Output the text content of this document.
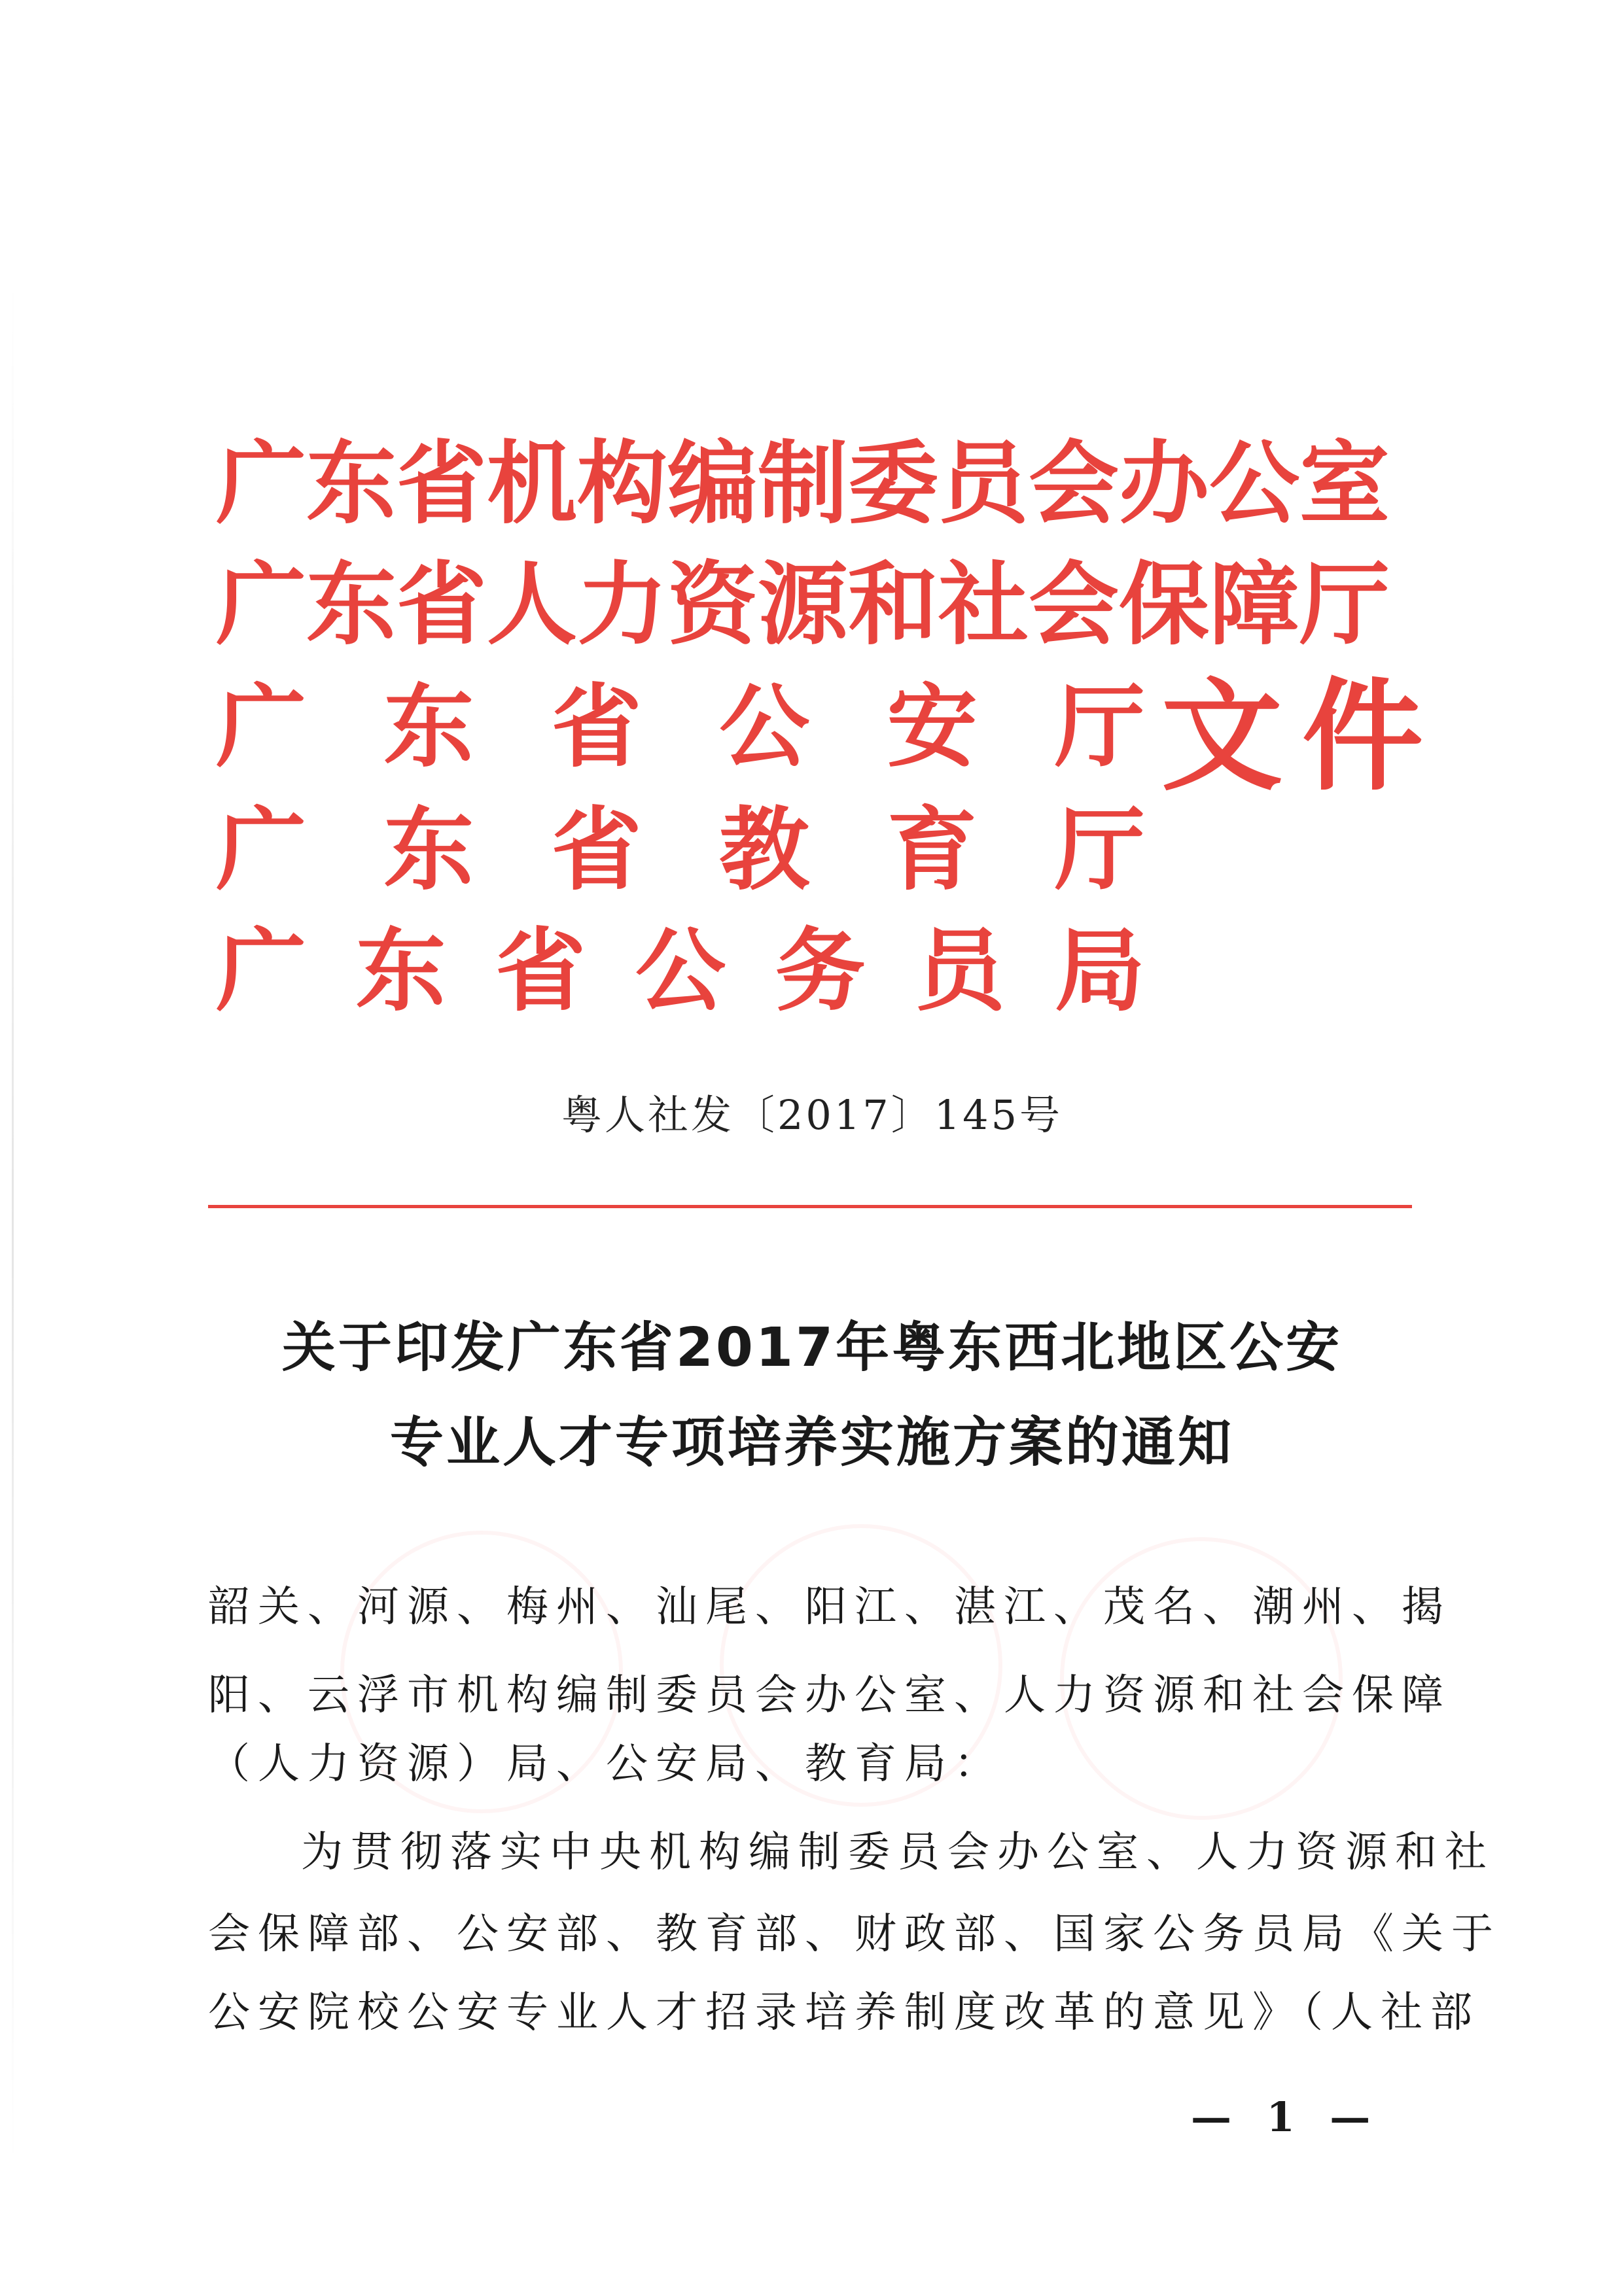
广东省机构编制委员会办公室
广东省人力资源和社会保障厅
广 东 省 公 安 厅
广 东 省 教 育 厅
广 东 省 公 务 员 局
文件
粤人社发〔2017〕145号
关于印发广东省2017年粤东西北地区公安
专业人才专项培养实施方案的通知
韶关、河源、梅州、汕尾、阳江、湛江、茂名、潮州、揭
阳、云浮市机构编制委员会办公室、人力资源和社会保障
（人力资源）局、公安局、教育局：
为贯彻落实中央机构编制委员会办公室、人力资源和社
会保障部、公安部、教育部、财政部、国家公务员局《关于
公安院校公安专业人才招录培养制度改革的意见》（人社部
— 1 —
